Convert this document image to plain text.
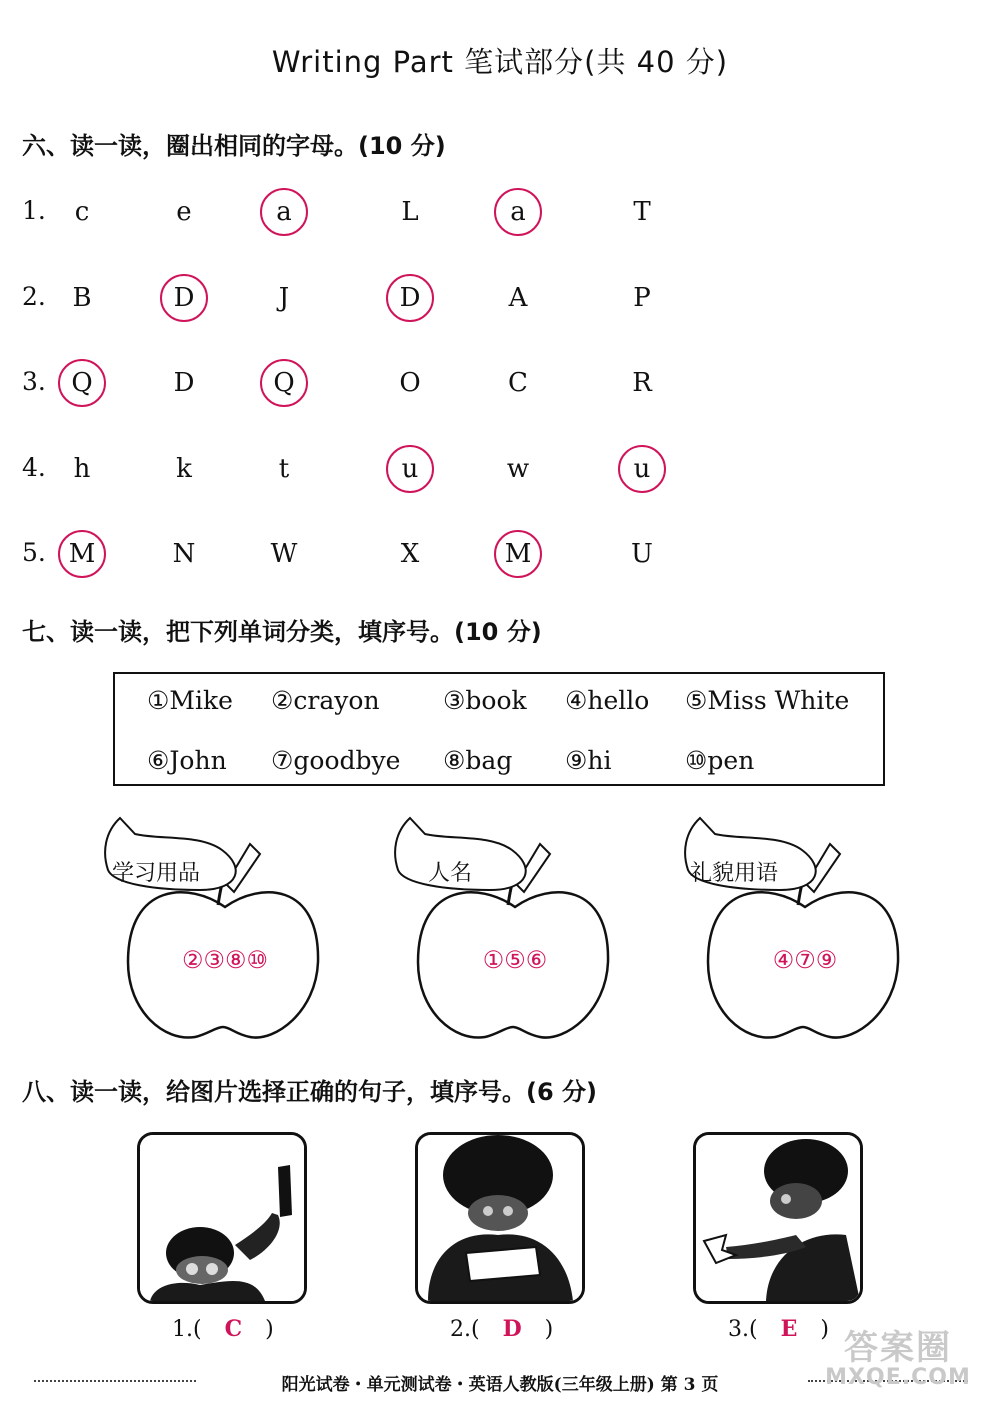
Writing Part 笔试部分(共 40 分)
六、读一读，圈出相同的字母。(10 分)
1.	c	e	a	L	a	T
2.	B	D	J	D	A	P
3. Q	D	Q	O	C	R
4.	h	k	t	u	w	u
5. M	N	W	X	M	U
七、读一读，把下列单词分类，填序号。(10 分)
①Mike ②crayon	③book ④hello ⑤Miss White
⑥John ⑦goodbye ⑧bag ⑨hi	⑩pen
学习用品
②③⑧⑩
人名
①⑤⑥
礼貌用语
④⑦⑨
八、读一读，给图片选择正确的句子，填序号。(6 分)
1.( C )	2.( D )	3.( E )
阳光试卷・单元测试卷・英语人教版(三年级上册) 第 3 页
答案圈
MXQE.COM
